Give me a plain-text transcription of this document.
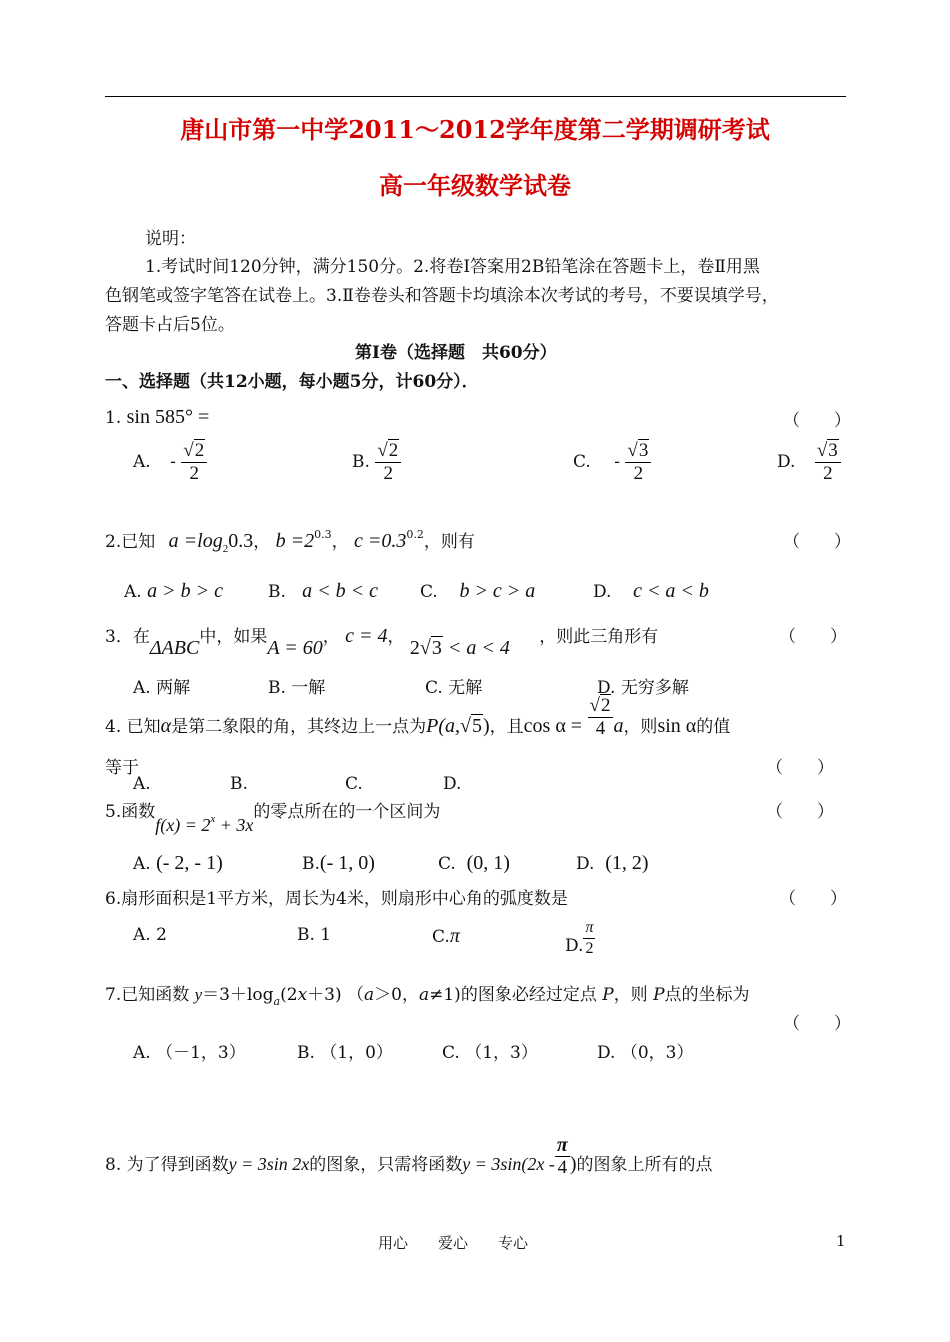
唐山市第一中学2011～2012学年度第二学期调研考试
高一年级数学试卷
说明：
1.考试时间120分钟，满分150分。2.将卷Ⅰ答案用2B铅笔涂在答题卡上，卷Ⅱ用黑
色钢笔或签字笔答在试卷上。3.Ⅱ卷卷头和答题卡均填涂本次考试的考号，不要误填学号，
答题卡占后5位。
第Ⅰ卷（选择题　共60分）
一、选择题（共12小题，每小题5分，计60分）．
1. sin 585° =	（　　）
A. - $\frac{√2}{2}$	B. $\frac{√2}{2}$	C. - $\frac{√3}{2}$	D. $\frac{√3}{2}$
2.已知 $a =\log_20.3$， $b =2^{0.3}$， $c =0.3^{0.2}$，则有	（　　）
A. a > b > c	B. a < b < c C. b > c > a	D. c < a < b
3．在ΔABC中，如果A = 60， c = 4， 2√3 < a < 4 ，则此三角形有	（　　）
A. 两解	B. 一解	C. 无解	D. 无穷多解
4. 已知α是第二象限的角，其终边上一点为P(a,√5)，且$\cos \alpha = \frac{√2}{4}$ a，则sin α的值
等于	（　　）
A.	B.	C.	D.
5.函数$f(x) = 2^x + 3x$的零点所在的一个区间为	（　　）
A. (- 2, - 1)	B.(- 1, 0)	C. (0, 1)	D. (1, 2)
6.扇形面积是1平方米，周长为4米，则扇形中心角的弧度数是	（　　）
A. 2	B. 1	C.π	D. $\frac{\pi}{2}$
7.已知函数 $y=3+\log_a(2x+3)$ （a＞0，a≠1)的图象必经过定点 P，则 P点的坐标为
（　　）
A. （－1，3）	B. （1，0）	C. （1，3）	D. （0，3）
8. 为了得到函数y = 3sin 2x的图象，只需将函数$y = 3\sin(2x - \frac{\pi}{4}$ )的图象上所有的点
用心　　爱心　　专心	1
